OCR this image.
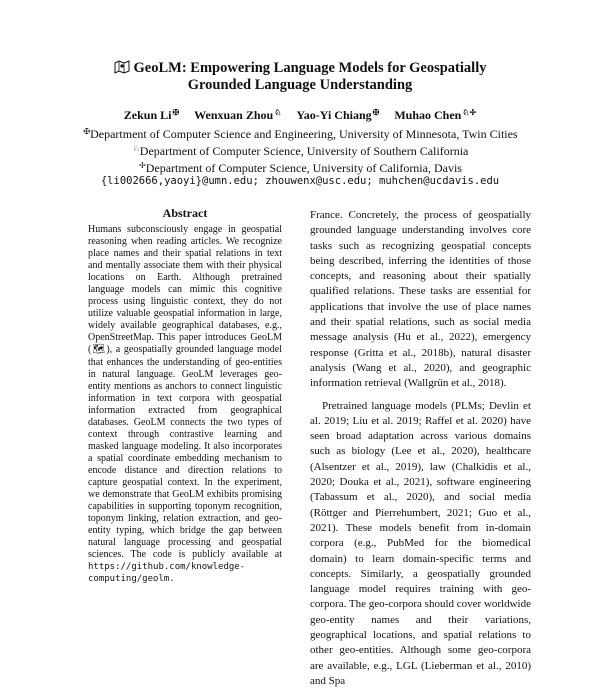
GeoLM: Empowering Language Models for Geospatially
Grounded Language Understanding
Zekun Li✠ Wenxuan Zhou♘ Yao-Yi Chiang✠ Muhao Chen♘✢
✠Department of Computer Science and Engineering, University of Minnesota, Twin Cities
♘Department of Computer Science, University of Southern California
✢Department of Computer Science, University of California, Davis
{li002666,yaoyi}@umn.edu; zhouwenx@usc.edu; muhchen@ucdavis.edu
Abstract
Humans subconsciously engage in geospatial reasoning when reading articles. We recognize place names and their spatial relations in text and mentally associate them with their physical locations on Earth. Although pretrained language models can mimic this cognitive process using linguistic context, they do not utilize valuable geospatial information in large, widely available geographical databases, e.g., OpenStreetMap. This paper introduces GeoLM (🗺), a geospatially grounded language model that enhances the understanding of geo-entities in natural language. GeoLM leverages geo-entity mentions as anchors to connect linguistic information in text corpora with geospatial information extracted from geographical databases. GeoLM connects the two types of context through contrastive learning and masked language modeling. It also incorporates a spatial coordinate embedding mechanism to encode distance and direction relations to capture geospatial context. In the experiment, we demonstrate that GeoLM exhibits promising capabilities in supporting toponym recognition, toponym linking, relation extraction, and geo-entity typing, which bridge the gap between natural language processing and geospatial sciences. The code is publicly available at https://github.com/knowledge-computing/geolm.

France. Concretely, the process of geospatially grounded language understanding involves core tasks such as recognizing geospatial concepts being described, inferring the identities of those concepts, and reasoning about their spatially qualified relations. These tasks are essential for applications that involve the use of place names and their spatial relations, such as social media message analysis (Hu et al., 2022), emergency response (Gritta et al., 2018b), natural disaster analysis (Wang et al., 2020), and geographic information retrieval (Wallgrün et al., 2018).

Pretrained language models (PLMs; Devlin et al. 2019; Liu et al. 2019; Raffel et al. 2020) have seen broad adaptation across various domains such as biology (Lee et al., 2020), healthcare (Alsentzer et al., 2019), law (Chalkidis et al., 2020; Douka et al., 2021), software engineering (Tabassum et al., 2020), and social media (Röttger and Pierrehumbert, 2021; Guo et al., 2021). These models benefit from in-domain corpora (e.g., PubMed for the biomedical domain) to learn domain-specific terms and concepts. Similarly, a geospatially grounded language model requires training with geo-corpora. The geo-corpora should cover worldwide geo-entity names and their variations, geographical locations, and spatial relations to other geo-entities. Although some geo-corpora are available, e.g., LGL (Lieberman et al., 2010) and Spa
